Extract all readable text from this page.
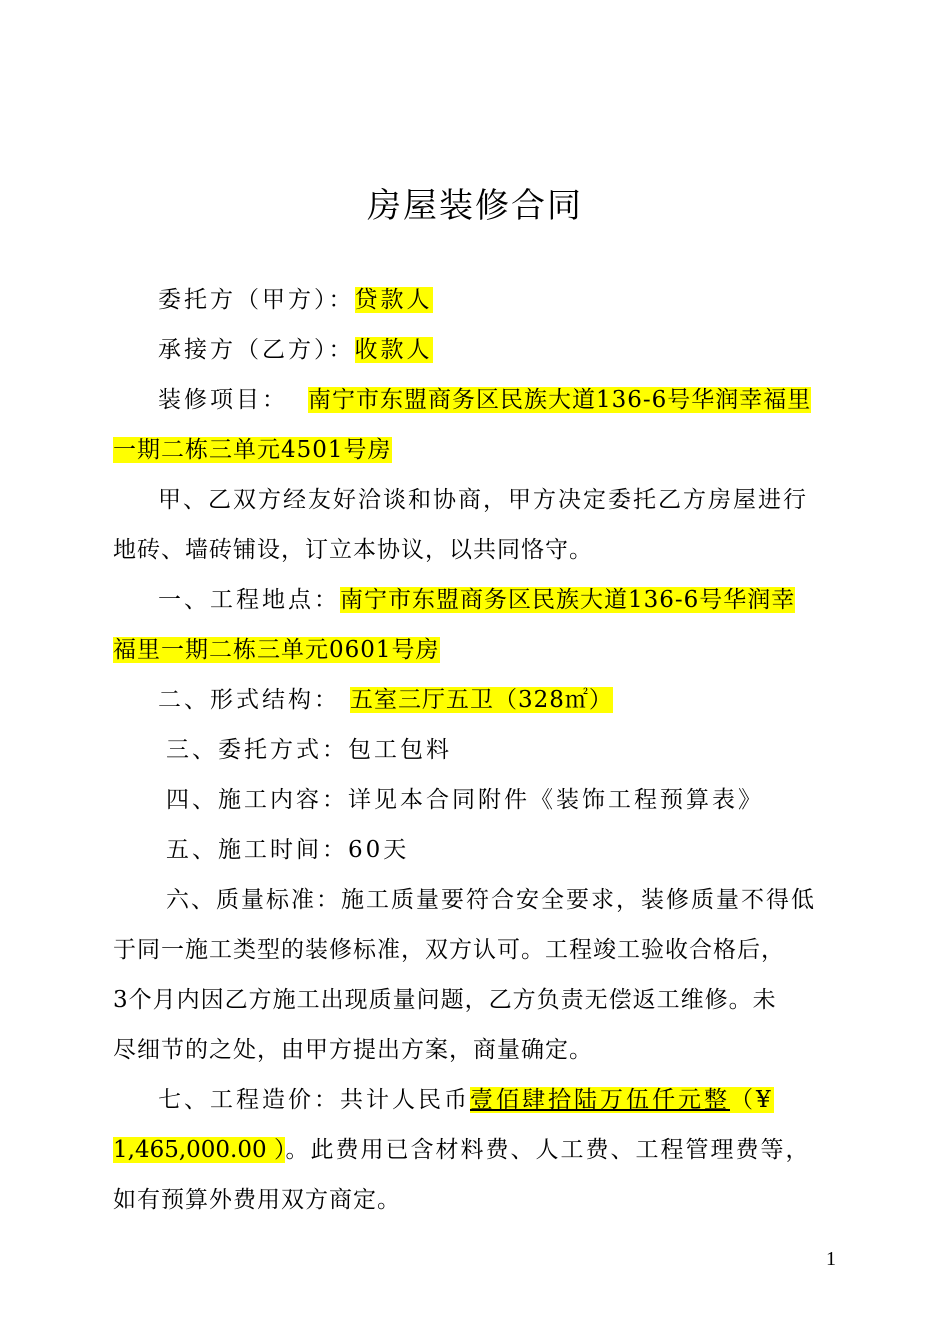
房屋装修合同
委托方（甲方）：贷款人
承接方（乙方）：收款人
装修项目： 南宁市东盟商务区民族大道136-6号华润幸福里
一期二栋三单元4501号房
甲、乙双方经友好洽谈和协商，甲方决定委托乙方房屋进行
地砖、墙砖铺设，订立本协议，以共同恪守。
一、工程地点：南宁市东盟商务区民族大道136-6号华润幸
福里一期二栋三单元0601号房
二、形式结构： 五室三厅五卫（328㎡）
三、委托方式：包工包料
四、施工内容：详见本合同附件《装饰工程预算表》
五、施工时间：60天
六、质量标准：施工质量要符合安全要求，装修质量不得低
于同一施工类型的装修标准，双方认可。工程竣工验收合格后，
3个月内因乙方施工出现质量问题，乙方负责无偿返工维修。未
尽细节的之处，由甲方提出方案，商量确定。
七、工程造价：共计人民币壹佰肆拾陆万伍仟元整（¥
1,465,000.00 ）。此费用已含材料费、人工费、工程管理费等，
如有预算外费用双方商定。
1
